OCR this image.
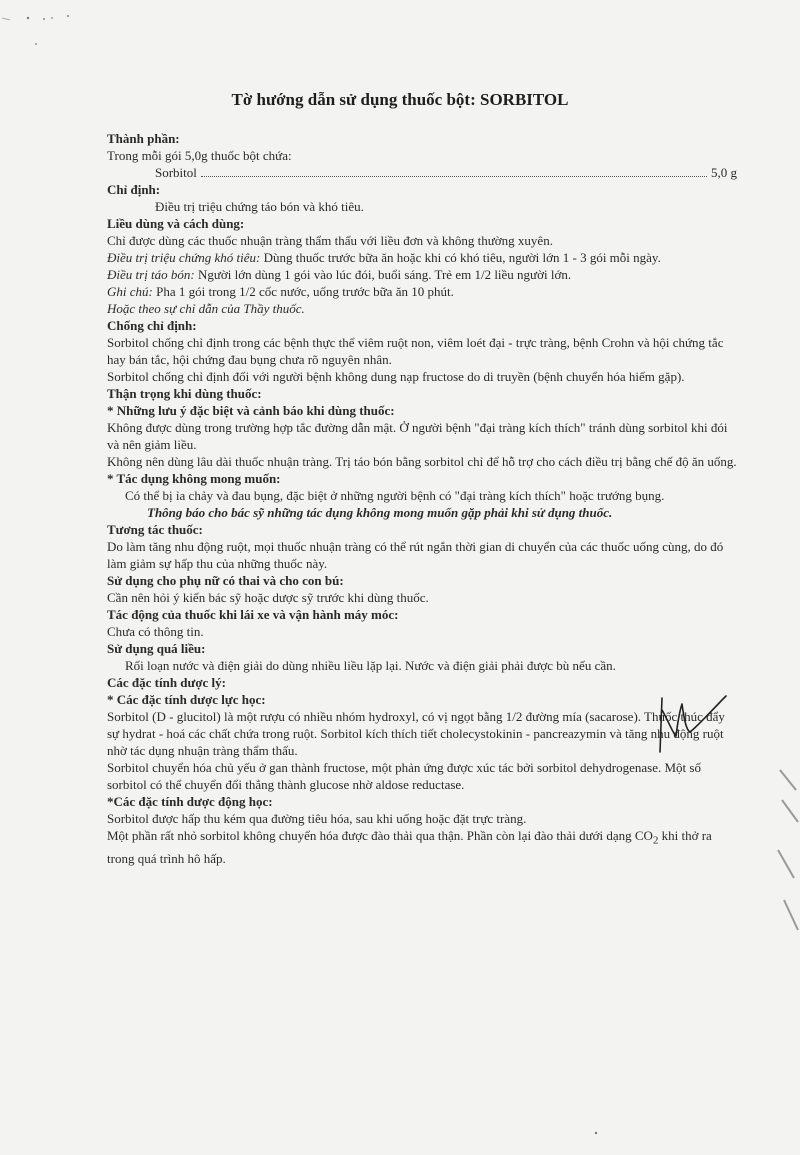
Tờ hướng dẫn sử dụng thuốc bột: SORBITOL
Thành phần:
Trong mỗi gói 5,0g thuốc bột chứa:
Sorbitol	5,0 g
Chỉ định:
Điều trị triệu chứng táo bón và khó tiêu.
Liều dùng và cách dùng:
Chỉ được dùng các thuốc nhuận tràng thẩm thấu với liều đơn và không thường xuyên.
Điều trị triệu chứng khó tiêu: Dùng thuốc trước bữa ăn hoặc khi có khó tiêu, người lớn 1 - 3 gói mỗi ngày.
Điều trị táo bón: Người lớn dùng 1 gói vào lúc đói, buổi sáng. Trẻ em 1/2 liều người lớn.
Ghi chú: Pha 1 gói trong 1/2 cốc nước, uống trước bữa ăn 10 phút.
Hoặc theo sự chỉ dẫn của Thầy thuốc.
Chống chỉ định:
Sorbitol chống chỉ định trong các bệnh thực thể viêm ruột non, viêm loét đại - trực tràng, bệnh Crohn và hội chứng tắc hay bán tắc, hội chứng đau bụng chưa rõ nguyên nhân.
Sorbitol chống chỉ định đối với người bệnh không dung nạp fructose do di truyền (bệnh chuyển hóa hiếm gặp).
Thận trọng khi dùng thuốc:
* Những lưu ý đặc biệt và cảnh báo khi dùng thuốc:
Không được dùng trong trường hợp tắc đường dẫn mật. Ở người bệnh "đại tràng kích thích" tránh dùng sorbitol khi đói và nên giảm liều.
Không nên dùng lâu dài thuốc nhuận tràng. Trị táo bón bằng sorbitol chỉ để hỗ trợ cho cách điều trị bằng chế độ ăn uống.
* Tác dụng không mong muốn:
Có thể bị ỉa chảy và đau bụng, đặc biệt ở những người bệnh có "đại tràng kích thích" hoặc trướng bụng.
Thông báo cho bác sỹ những tác dụng không mong muốn gặp phải khi sử dụng thuốc.
Tương tác thuốc:
Do làm tăng nhu động ruột, mọi thuốc nhuận tràng có thể rút ngắn thời gian di chuyển của các thuốc uống cùng, do đó làm giảm sự hấp thu của những thuốc này.
Sử dụng cho phụ nữ có thai và cho con bú:
Cần nên hỏi ý kiến bác sỹ hoặc dược sỹ trước khi dùng thuốc.
Tác động của thuốc khi lái xe và vận hành máy móc:
Chưa có thông tin.
Sử dụng quá liều:
Rối loạn nước và điện giải do dùng nhiều liều lặp lại. Nước và điện giải phải được bù nếu cần.
Các đặc tính dược lý:
* Các đặc tính dược lực học:
Sorbitol (D - glucitol) là một rượu có nhiều nhóm hydroxyl, có vị ngọt bằng 1/2 đường mía (sacarose). Thuốc thúc đẩy sự hydrat - hoá các chất chứa trong ruột. Sorbitol kích thích tiết cholecystokinin - pancreazymin và tăng nhu động ruột nhờ tác dụng nhuận tràng thẩm thấu.
Sorbitol chuyển hóa chủ yếu ở gan thành fructose, một phản ứng được xúc tác bởi sorbitol dehydrogenase. Một số sorbitol có thể chuyển đổi thẳng thành glucose nhờ aldose reductase.
*Các đặc tính dược động học:
Sorbitol được hấp thu kém qua đường tiêu hóa, sau khi uống hoặc đặt trực tràng.
Một phần rất nhỏ sorbitol không chuyển hóa được đào thải qua thận. Phần còn lại đào thải dưới dạng $CO_2$ khi thở ra trong quá trình hô hấp.
